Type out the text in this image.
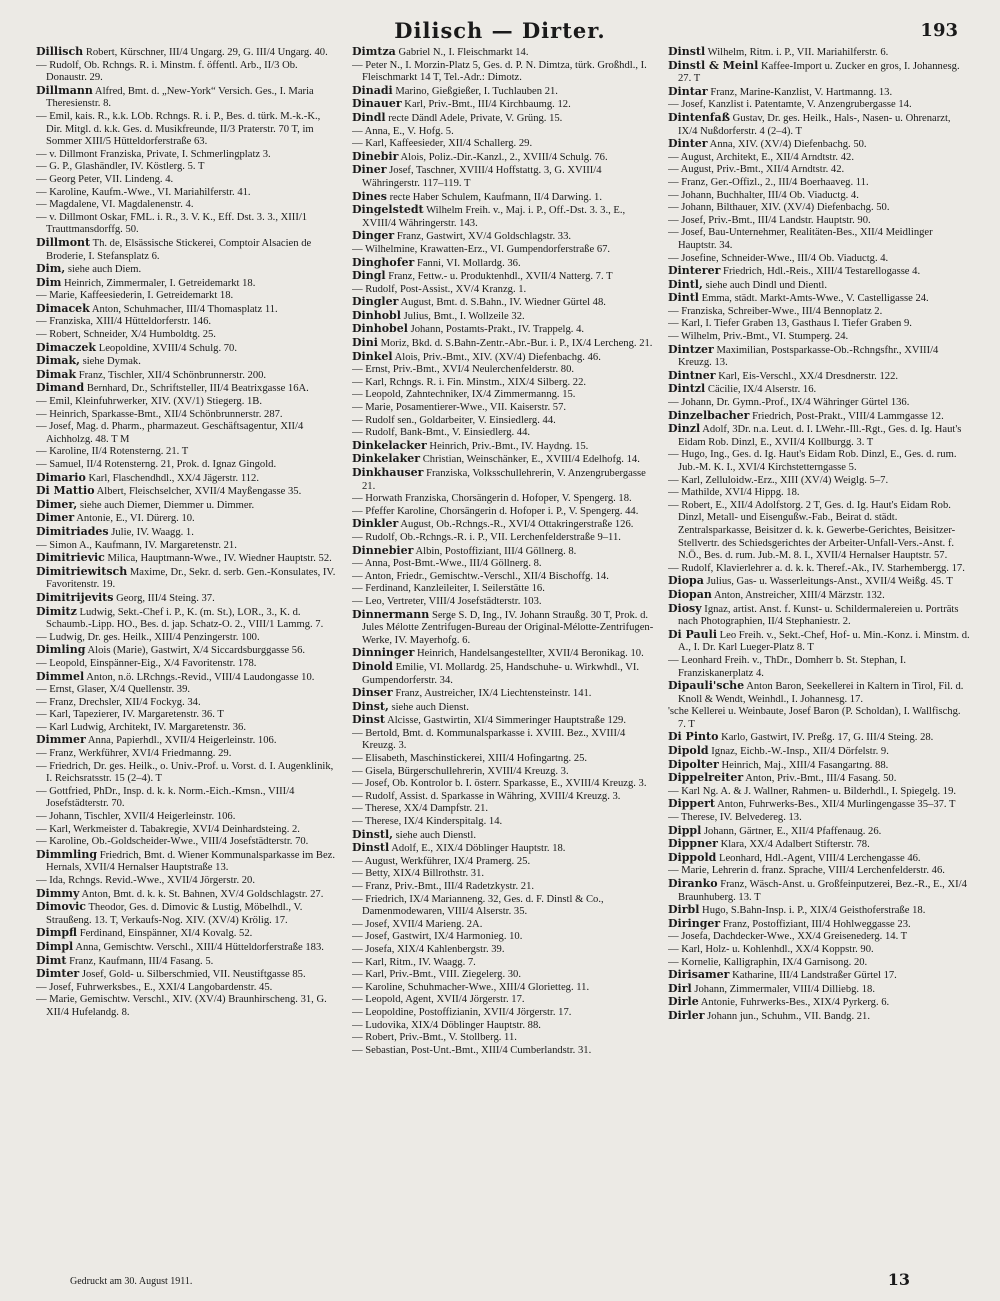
Dilisch — Dirter.	193

Dillisch Robert, Kürschner, III/4 Ungarg. 29, G. III/4 Ungarg. 40.

— Rudolf, Ob. Rchngs. R. i. Minstm. f. öffentl. Arb., II/3 Ob. Donaustr. 29.

Dillmann Alfred, Bmt. d. „New-York“ Versich. Ges., I. Maria Theresienstr. 8.

— Emil, kais. R., k.k. LOb. Rchngs. R. i. P., Bes. d. türk. M.-k.-K., Dir. Mitgl. d. k.k. Ges. d. Musikfreunde, II/3 Praterstr. 70 T, im Sommer XIII/5 Hütteldorferstraße 63.

— v. Dillmont Franziska, Private, I. Schmerlingplatz 3.

— G. P., Glashändler, IV. Köstlerg. 5. T

— Georg Peter, VII. Lindeng. 4.

— Karoline, Kaufm.-Wwe., VI. Mariahilferstr. 41.

— Magdalene, VI. Magdalenenstr. 4.

— v. Dillmont Oskar, FML. i. R., 3. V. K., Eff. Dst. 3. 3., XIII/1 Trauttmansdorffg. 50.

Dillmont Th. de, Elsässische Stickerei, Comptoir Alsacien de Broderie, I. Stefansplatz 6.

Dim, siehe auch Diem.

Dim Heinrich, Zimmermaler, I. Getreidemarkt 18.

— Marie, Kaffeesiederin, I. Getreidemarkt 18.

Dimacek Anton, Schuhmacher, III/4 Thomasplatz 11.

— Franziska, XIII/4 Hütteldorferstr. 146.

— Robert, Schneider, X/4 Humboldtg. 25.

Dimaczek Leopoldine, XVIII/4 Schulg. 70.

Dimak, siehe Dymak.

Dimak Franz, Tischler, XII/4 Schönbrunnerstr. 200.

Dimand Bernhard, Dr., Schriftsteller, III/4 Beatrixgasse 16A.

— Emil, Kleinfuhrwerker, XIV. (XV/1) Stiegerg. 1B.

— Heinrich, Sparkasse-Bmt., XII/4 Schönbrunnerstr. 287.

— Josef, Mag. d. Pharm., pharmazeut. Geschäftsagentur, XII/4 Aichholzg. 48. T M

— Karoline, II/4 Rotensterng. 21. T

— Samuel, II/4 Rotensterng. 21, Prok. d. Ignaz Gingold.

Dimario Karl, Flaschendhdl., XX/4 Jägerstr. 112.

Di Mattio Albert, Fleischselcher, XVII/4 Mayßengasse 35.

Dimer, siehe auch Diemer, Diemmer u. Dimmer.

Dimer Antonie, E., VI. Dürerg. 10.

Dimitriades Julie, IV. Waagg. 1.

— Simon A., Kaufmann, IV. Margaretenstr. 21.

Dimitrievic Milica, Hauptmann-Wwe., IV. Wiedner Hauptstr. 52.

Dimitriewitsch Maxime, Dr., Sekr. d. serb. Gen.-Konsulates, IV. Favoritenstr. 19.

Dimitrijevits Georg, III/4 Steing. 37.

Dimitz Ludwig, Sekt.-Chef i. P., K. (m. St.), LOR., 3., K. d. Schaumb.-Lipp. HO., Bes. d. jap. Schatz-O. 2., VIII/1 Lammg. 7.

— Ludwig, Dr. ges. Heilk., XIII/4 Penzingerstr. 100.

Dimling Alois (Marie), Gastwirt, X/4 Siccardsburggasse 56.

— Leopold, Einspänner-Eig., X/4 Favoritenstr. 178.

Dimmel Anton, n.ö. LRchngs.-Revid., VIII/4 Laudongasse 10.

— Ernst, Glaser, X/4 Quellenstr. 39.

— Franz, Drechsler, XII/4 Fockyg. 34.

— Karl, Tapezierer, IV. Margaretenstr. 36. T

— Karl Ludwig, Architekt, IV. Margaretenstr. 36.

Dimmer Anna, Papierhdl., XVII/4 Heigerleinstr. 106.

— Franz, Werkführer, XVI/4 Friedmanng. 29.

— Friedrich, Dr. ges. Heilk., o. Univ.-Prof. u. Vorst. d. I. Augenklinik, I. Reichsratsstr. 15 (2–4). T

— Gottfried, PhDr., Insp. d. k. k. Norm.-Eich.-Kmsn., VIII/4 Josefstädterstr. 70.

— Johann, Tischler, XVII/4 Heigerleinstr. 106.

— Karl, Werkmeister d. Tabakregie, XVI/4 Deinhardsteing. 2.

— Karoline, Ob.-Goldscheider-Wwe., VIII/4 Josefstädterstr. 70.

Dimmling Friedrich, Bmt. d. Wiener Kommunalsparkasse im Bez. Hernals, XVII/4 Hernalser Hauptstraße 13.

— Ida, Rchngs. Revid.-Wwe., XVII/4 Jörgerstr. 20.

Dimmy Anton, Bmt. d. k. k. St. Bahnen, XV/4 Goldschlagstr. 27.

Dimovic Theodor, Ges. d. Dimovic & Lustig, Möbelhdl., V. Straußeng. 13. T, Verkaufs-Nog. XIV. (XV/4) Krölig. 17.

Dimpfl Ferdinand, Einspänner, XI/4 Kovalg. 52.

Dimpl Anna, Gemischtw. Verschl., XIII/4 Hütteldorferstraße 183.

Dimt Franz, Kaufmann, III/4 Fasang. 5.

Dimter Josef, Gold- u. Silberschmied, VII. Neustiftgasse 85.

— Josef, Fuhrwerksbes., E., XXI/4 Langobardenstr. 45.

— Marie, Gemischtw. Verschl., XIV. (XV/4) Braunhirscheng. 31, G. XII/4 Hufelandg. 8.

Dimtza Gabriel N., I. Fleischmarkt 14.

— Peter N., I. Morzin-Platz 5, Ges. d. P. N. Dimtza, türk. Großhdl., I. Fleischmarkt 14 T, Tel.-Adr.: Dimotz.

Dinadi Marino, Gießgießer, I. Tuchlauben 21.

Dinauer Karl, Priv.-Bmt., III/4 Kirchbaumg. 12.

Dindl recte Dändl Adele, Private, V. Grüng. 15.

— Anna, E., V. Hofg. 5.

— Karl, Kaffeesieder, XII/4 Schallerg. 29.

Dinebir Alois, Poliz.-Dir.-Kanzl., 2., XVIII/4 Schulg. 76.

Diner Josef, Taschner, XVIII/4 Hoffstattg. 3, G. XVIII/4 Währingerstr. 117–119. T

Dines recte Haber Schulem, Kaufmann, II/4 Darwing. 1.

Dingelstedt Wilhelm Freih. v., Maj. i. P., Off.-Dst. 3. 3., E., XVIII/4 Währingerstr. 143.

Dinger Franz, Gastwirt, XV/4 Goldschlagstr. 33.

— Wilhelmine, Krawatten-Erz., VI. Gumpendorferstraße 67.

Dinghofer Fanni, VI. Mollardg. 36.

Dingl Franz, Fettw.- u. Produktenhdl., XVII/4 Natterg. 7. T

— Rudolf, Post-Assist., XV/4 Kranzg. 1.

Dingler August, Bmt. d. S.Bahn., IV. Wiedner Gürtel 48.

Dinhobl Julius, Bmt., I. Wollzeile 32.

Dinhobel Johann, Postamts-Prakt., IV. Trappelg. 4.

Dini Moriz, Bkd. d. S.Bahn-Zentr.-Abr.-Bur. i. P., IX/4 Lercheng. 21.

Dinkel Alois, Priv.-Bmt., XIV. (XV/4) Diefenbachg. 46.

— Ernst, Priv.-Bmt., XVI/4 Neulerchenfelderstr. 80.

— Karl, Rchngs. R. i. Fin. Minstm., XIX/4 Silberg. 22.

— Leopold, Zahntechniker, IX/4 Zimmermanng. 15.

— Marie, Posamentierer-Wwe., VII. Kaiserstr. 57.

— Rudolf sen., Goldarbeiter, V. Einsiedlerg. 44.

— Rudolf, Bank-Bmt., V. Einsiedlerg. 44.

Dinkelacker Heinrich, Priv.-Bmt., IV. Haydng. 15.

Dinkelaker Christian, Weinschänker, E., XVIII/4 Edelhofg. 14.

Dinkhauser Franziska, Volksschullehrerin, V. Anzengrubergasse 21.

— Horwath Franziska, Chorsängerin d. Hofoper, V. Spengerg. 18.

— Pfeffer Karoline, Chorsängerin d. Hofoper i. P., V. Spengerg. 44.

Dinkler August, Ob.-Rchngs.-R., XVI/4 Ottakringerstraße 126.

— Rudolf, Ob.-Rchngs.-R. i. P., VII. Lerchenfelderstraße 9–11.

Dinnebier Albin, Postoffiziant, III/4 Göllnerg. 8.

— Anna, Post-Bmt.-Wwe., III/4 Göllnerg. 8.

— Anton, Friedr., Gemischtw.-Verschl., XII/4 Bischoffg. 14.

— Ferdinand, Kanzleileiter, I. Seilerstätte 16.

— Leo, Vertreter, VIII/4 Josefstädterstr. 103.

Dinnermann Serge S. D, Ing., IV. Johann Straußg. 30 T, Prok. d. Jules Mélotte Zentrifugen-Bureau der Original-Mélotte-Zentrifugen-Werke, IV. Mayerhofg. 6.

Dinninger Heinrich, Handelsangestellter, XVII/4 Beronikag. 10.

Dinold Emilie, VI. Mollardg. 25, Handschuhe- u. Wirkwhdl., VI. Gumpendorferstr. 34.

Dinser Franz, Austreicher, IX/4 Liechtensteinstr. 141.

Dinst, siehe auch Dienst.

Dinst Alcisse, Gastwirtin, XI/4 Simmeringer Hauptstraße 129.

— Bertold, Bmt. d. Kommunalsparkasse i. XVIII. Bez., XVIII/4 Kreuzg. 3.

— Elisabeth, Maschinstickerei, XIII/4 Hofingartng. 25.

— Gisela, Bürgerschullehrerin, XVIII/4 Kreuzg. 3.

— Josef, Ob. Kontrolor b. I. österr. Sparkasse, E., XVIII/4 Kreuzg. 3.

— Rudolf, Assist. d. Sparkasse in Währing, XVIII/4 Kreuzg. 3.

— Therese, XX/4 Dampfstr. 21.

— Therese, IX/4 Kinderspitalg. 14.

Dinstl, siehe auch Dienstl.

Dinstl Adolf, E., XIX/4 Döblinger Hauptstr. 18.

— August, Werkführer, IX/4 Pramerg. 25.

— Betty, XIX/4 Billrothstr. 31.

— Franz, Priv.-Bmt., III/4 Radetzkystr. 21.

— Friedrich, IX/4 Marianneng. 32, Ges. d. F. Dinstl & Co., Damenmodewaren, VIII/4 Alserstr. 35.

— Josef, XVII/4 Marieng. 2A.

— Josef, Gastwirt, IX/4 Harmonieg. 10.

— Josefa, XIX/4 Kahlenbergstr. 39.

— Karl, Ritm., IV. Waagg. 7.

— Karl, Priv.-Bmt., VIII. Ziegelerg. 30.

— Karoline, Schuhmacher-Wwe., XIII/4 Glorietteg. 11.

— Leopold, Agent, XVII/4 Jörgerstr. 17.

— Leopoldine, Postoffizianin, XVII/4 Jörgerstr. 17.

— Ludovika, XIX/4 Döblinger Hauptstr. 88.

— Robert, Priv.-Bmt., V. Stollberg. 11.

— Sebastian, Post-Unt.-Bmt., XIII/4 Cumberlandstr. 31.

Dinstl Wilhelm, Ritm. i. P., VII. Mariahilferstr. 6.

Dinstl & Meinl Kaffee-Import u. Zucker en gros, I. Johannesg. 27. T

Dintar Franz, Marine-Kanzlist, V. Hartmanng. 13.

— Josef, Kanzlist i. Patentamte, V. Anzengrubergasse 14.

Dintenfaß Gustav, Dr. ges. Heilk., Hals-, Nasen- u. Ohrenarzt, IX/4 Nußdorferstr. 4 (2–4). T

Dinter Anna, XIV. (XV/4) Diefenbachg. 50.

— August, Architekt, E., XII/4 Arndtstr. 42.

— August, Priv.-Bmt., XII/4 Arndtstr. 42.

— Franz, Ger.-Offizl., 2., III/4 Boerhaaveg. 11.

— Johann, Buchhalter, III/4 Ob. Viaductg. 4.

— Johann, Bilthauer, XIV. (XV/4) Diefenbachg. 50.

— Josef, Priv.-Bmt., III/4 Landstr. Hauptstr. 90.

— Josef, Bau-Unternehmer, Realitäten-Bes., XII/4 Meidlinger Hauptstr. 34.

— Josefine, Schneider-Wwe., III/4 Ob. Viaductg. 4.

Dinterer Friedrich, Hdl.-Reis., XIII/4 Testarellogasse 4.

Dintl, siehe auch Dindl und Dientl.

Dintl Emma, städt. Markt-Amts-Wwe., V. Castelligasse 24.

— Franziska, Schreiber-Wwe., III/4 Bennoplatz 2.

— Karl, I. Tiefer Graben 13, Gasthaus I. Tiefer Graben 9.

— Wilhelm, Priv.-Bmt., VI. Stumperg. 24.

Dintzer Maximilian, Postsparkasse-Ob.-Rchngsfhr., XVIII/4 Kreuzg. 13.

Dintner Karl, Eis-Verschl., XX/4 Dresdnerstr. 122.

Dintzl Cäcilie, IX/4 Alserstr. 16.

— Johann, Dr. Gymn.-Prof., IX/4 Währinger Gürtel 136.

Dinzelbacher Friedrich, Post-Prakt., VIII/4 Lammgasse 12.

Dinzl Adolf, 3Dr. n.a. Leut. d. I. LWehr.-Ill.-Rgt., Ges. d. Ig. Haut's Eidam Rob. Dinzl, E., XVII/4 Kollburgg. 3. T

— Hugo, Ing., Ges. d. Ig. Haut's Eidam Rob. Dinzl, E., Ges. d. rum. Jub.-M. K. I., XVI/4 Kirchstetterngasse 5.

— Karl, Zelluloidw.-Erz., XIII (XV/4) Weiglg. 5–7.

— Mathilde, XVI/4 Hippg. 18.

— Robert, E., XII/4 Adolfstorg. 2 T, Ges. d. Ig. Haut's Eidam Rob. Dinzl, Metall- und Eisengußw.-Fab., Beirat d. städt. Zentralsparkasse, Beisitzer d. k. k. Gewerbe-Gerichtes, Beisitzer-Stellvertr. des Schiedsgerichtes der Arbeiter-Unfall-Vers.-Anst. f. N.Ö., Bes. d. rum. Jub.-M. 8. I., XVII/4 Hernalser Hauptstr. 57.

— Rudolf, Klavierlehrer a. d. k. k. Theref.-Ak., IV. Starhembergg. 17.

Diopa Julius, Gas- u. Wasserleitungs-Anst., XVII/4 Weißg. 45. T

Diopan Anton, Anstreicher, XIII/4 Märzstr. 132.

Diosy Ignaz, artist. Anst. f. Kunst- u. Schildermalereien u. Porträts nach Photographien, II/4 Stephaniestr. 2.

Di Pauli Leo Freih. v., Sekt.-Chef, Hof- u. Min.-Konz. i. Minstm. d. A., I. Dr. Karl Lueger-Platz 8. T

— Leonhard Freih. v., ThDr., Domherr b. St. Stephan, I. Franziskanerplatz 4.

Dipauli'sche Anton Baron, Seekellerei in Kaltern in Tirol, Fil. d. Knoll & Wendt, Weinhdl., I. Johannesg. 17.

'sche Kellerei u. Weinbaute, Josef Baron (P. Scholdan), I. Wallfischg. 7. T

Di Pinto Karlo, Gastwirt, IV. Preßg. 17, G. III/4 Steing. 28.

Dipold Ignaz, Eichb.-W.-Insp., XII/4 Dörfelstr. 9.

Dipolter Heinrich, Maj., XIII/4 Fasangartng. 88.

Dippelreiter Anton, Priv.-Bmt., III/4 Fasang. 50.

— Karl Ng. A. & J. Wallner, Rahmen- u. Bilderhdl., I. Spiegelg. 19.

Dippert Anton, Fuhrwerks-Bes., XII/4 Murlingengasse 35–37. T

— Therese, IV. Belvedereg. 13.

Dippl Johann, Gärtner, E., XII/4 Pfaffenaug. 26.

Dippner Klara, XX/4 Adalbert Stifterstr. 78.

Dippold Leonhard, Hdl.-Agent, VIII/4 Lerchengasse 46.

— Marie, Lehrerin d. franz. Sprache, VIII/4 Lerchenfelderstr. 46.

Diranko Franz, Wäsch-Anst. u. Großfeinputzerei, Bez.-R., E., XI/4 Braunhuberg. 13. T

Dirbl Hugo, S.Bahn-Insp. i. P., XIX/4 Geisthoferstraße 18.

Diringer Franz, Postoffiziant, III/4 Hohlweggasse 23.

— Josefa, Dachdecker-Wwe., XX/4 Greisenederg. 14. T

— Karl, Holz- u. Kohlenhdl., XX/4 Koppstr. 90.

— Kornelie, Kalligraphin, IX/4 Garnisong. 20.

Dirisamer Katharine, III/4 Landstraßer Gürtel 17.

Dirl Johann, Zimmermaler, VIII/4 Dilliebg. 18.

Dirle Antonie, Fuhrwerks-Bes., XIX/4 Pyrkerg. 6.

Dirler Johann jun., Schuhm., VII. Bandg. 21.

Gedruckt am 30. August 1911.	13
